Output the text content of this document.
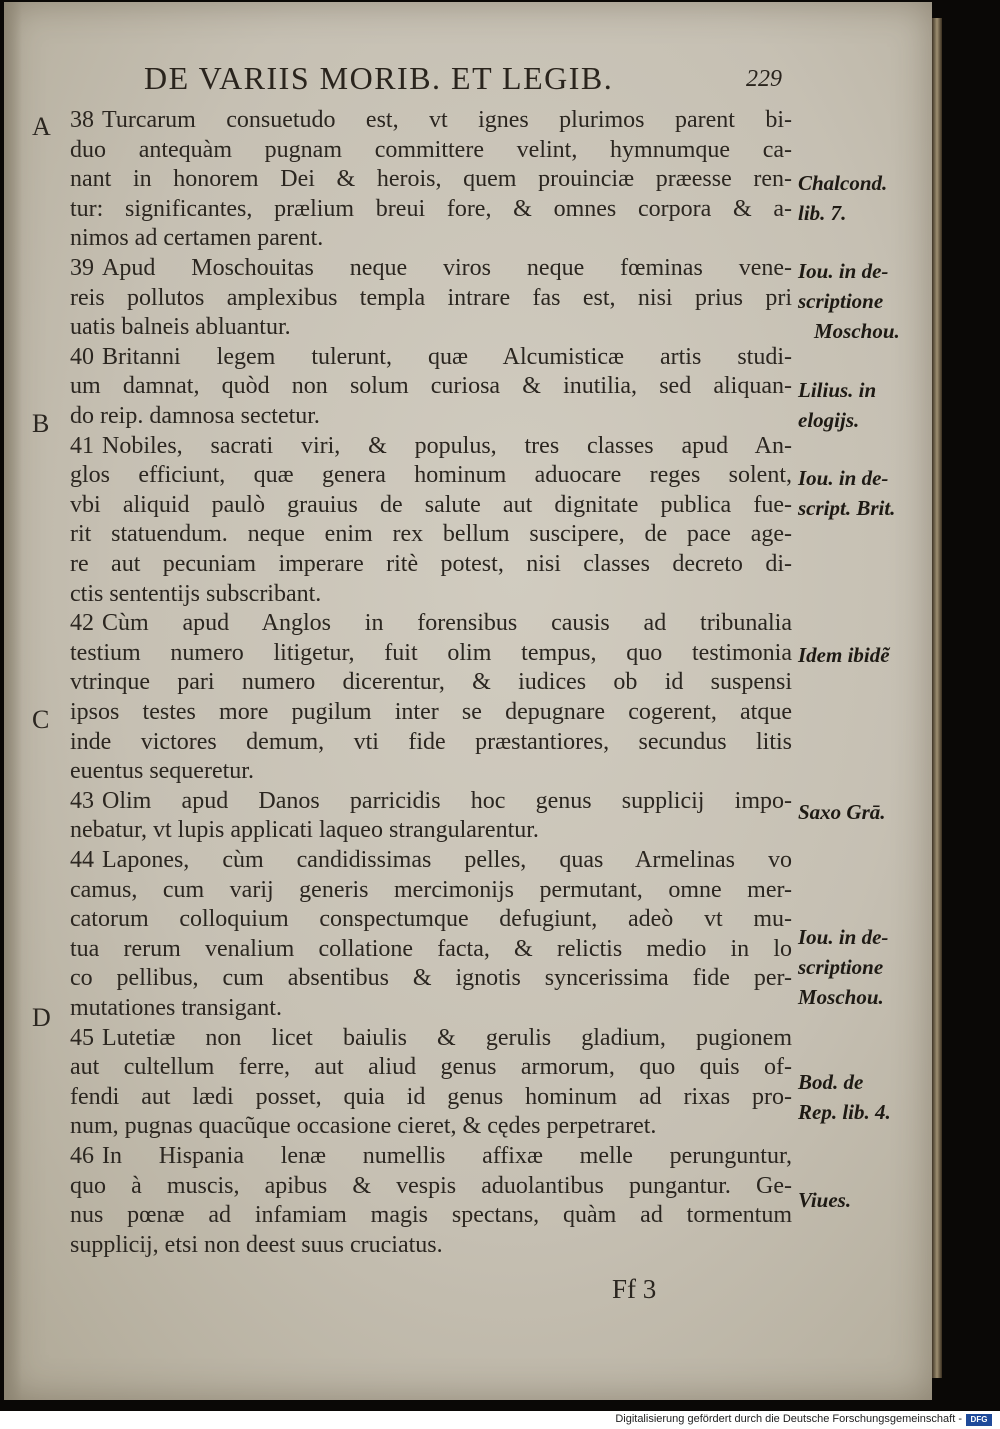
DE VARIIS MORIB. ET LEGIB.	229
A
B
C
D
Chalcond.
lib. 7.
Iou. in de-
scriptione
Moschou.
Lilius. in
elogijs.
Iou. in de-
script. Brit.
Idem ibidẽ
Saxo Grā.
Iou. in de-
scriptione
Moschou.
Bod. de
Rep. lib. 4.
Viues.
Ff 3
38 Turcarum consuetudo est, vt ignes plurimos parent bi-
duo antequàm pugnam committere velint, hymnumque ca-
nant in honorem Dei & herois, quem prouinciæ præesse ren-
tur: significantes, prælium breui fore, & omnes corpora & a-
nimos ad certamen parent.
39 Apud Moschouitas neque viros neque fœminas vene-
reis pollutos amplexibus templa intrare fas est, nisi prius pri
uatis balneis abluantur.
40 Britanni legem tulerunt, quæ Alcumisticæ artis studi-
um damnat, quòd non solum curiosa & inutilia, sed aliquan-
do reip. damnosa sectetur.
41 Nobiles, sacrati viri, & populus, tres classes apud An-
glos efficiunt, quæ genera hominum aduocare reges solent,
vbi aliquid paulò grauius de salute aut dignitate publica fue-
rit statuendum. neque enim rex bellum suscipere, de pace age-
re aut pecuniam imperare ritè potest, nisi classes decreto di-
ctis sententijs subscribant.
42 Cùm apud Anglos in forensibus causis ad tribunalia
testium numero litigetur, fuit olim tempus, quo testimonia
vtrinque pari numero dicerentur, & iudices ob id suspensi
ipsos testes more pugilum inter se depugnare cogerent, atque
inde victores demum, vti fide præstantiores, secundus litis
euentus sequeretur.
43 Olim apud Danos parricidis hoc genus supplicij impo-
nebatur, vt lupis applicati laqueo strangularentur.
44 Lapones, cùm candidissimas pelles, quas Armelinas vo
camus, cum varij generis mercimonijs permutant, omne mer-
catorum colloquium conspectumque defugiunt, adeò vt mu-
tua rerum venalium collatione facta, & relictis medio in lo
co pellibus, cum absentibus & ignotis syncerissima fide per-
mutationes transigant.
45 Lutetiæ non licet baiulis & gerulis gladium, pugionem
aut cultellum ferre, aut aliud genus armorum, quo quis of-
fendi aut lædi posset, quia id genus hominum ad rixas pro-
num, pugnas quacũque occasione cieret, & cędes perpetraret.
46 In Hispania lenæ numellis affixæ melle perunguntur,
quo à muscis, apibus & vespis aduolantibus pungantur. Ge-
nus pœnæ ad infamiam magis spectans, quàm ad tormentum
supplicij, etsi non deest suus cruciatus.
Digitalisierung gefördert durch die Deutsche Forschungsgemeinschaft -	DFG
